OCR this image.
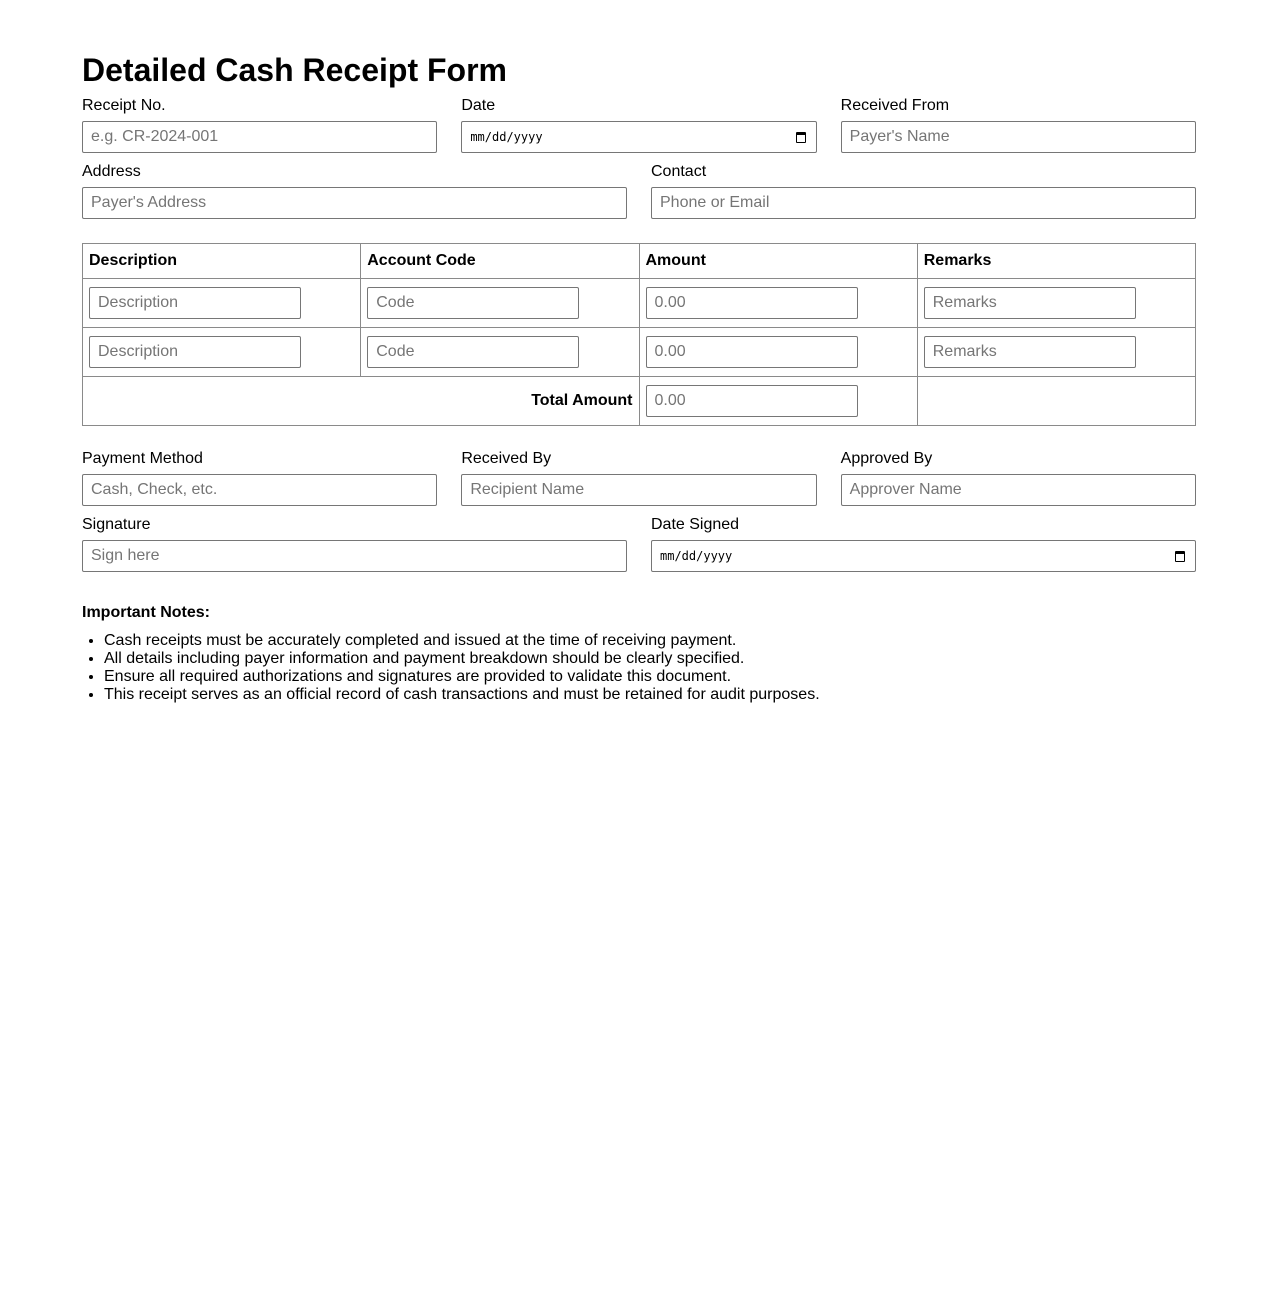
Detailed Cash Receipt Form
Receipt No.
e.g. CR-2024-001
Date
mm/dd/yyyy
Received From
Payer's Name
Address
Payer's Address
Contact
Phone or Email
Description	Account Code	Amount	Remarks

Description	Code	0.00	Remarks

Description	Code	0.00	Remarks

Total Amount		0.00	

Payment Method
Cash, Check, etc.
Received By
Recipient Name
Approved By
Approver Name
Signature
Sign here
Date Signed
mm/dd/yyyy
Important Notes:
• Cash receipts must be accurately completed and issued at the time of receiving payment.
• All details including payer information and payment breakdown should be clearly specified.
• Ensure all required authorizations and signatures are provided to validate this document.
• This receipt serves as an official record of cash transactions and must be retained for audit purposes.
